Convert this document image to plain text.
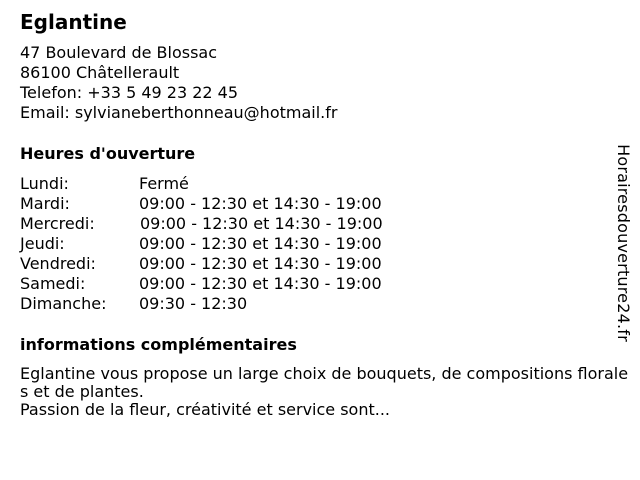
Eglantine
47 Boulevard de Blossac
86100 Châtellerault
Telefon: +33 5 49 23 22 45
Email: sylvianeberthonneau@hotmail.fr
Heures d'ouverture
Lundi:	Fermé
Mardi:	09:00 - 12:30 et 14:30 - 19:00
Mercredi:	09:00 - 12:30 et 14:30 - 19:00
Jeudi:	09:00 - 12:30 et 14:30 - 19:00
Vendredi:	09:00 - 12:30 et 14:30 - 19:00
Samedi:	09:00 - 12:30 et 14:30 - 19:00
Dimanche:	09:30 - 12:30
informations complémentaires
Eglantine vous propose un large choix de bouquets, de compositions florales et de plantes.
Passion de la fleur, créativité et service sont...
Horairesdouverture24.fr
